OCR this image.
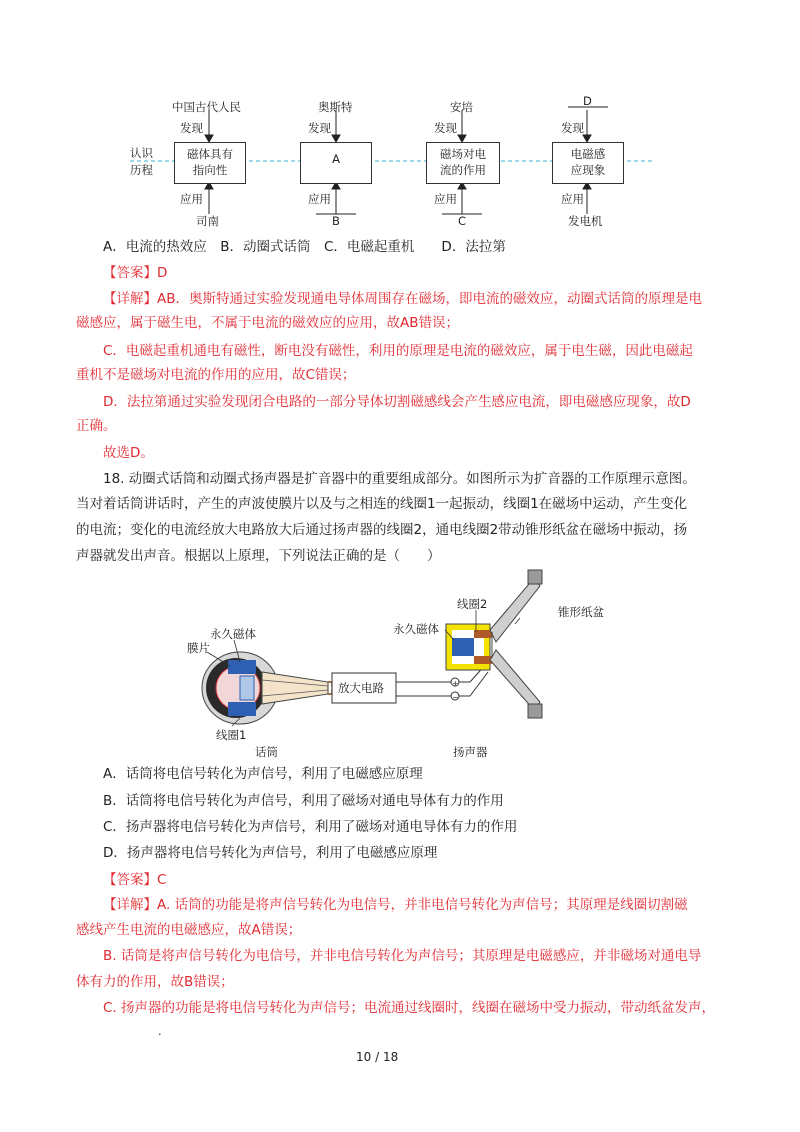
认识
历程
中国古代人民
发现
磁体具有
指向性
应用
司南
奥斯特
发现
A
应用
B
安培
发现
磁场对电
流的作用
应用
C
D
发现
电磁感
应现象
应用
发电机
A．电流的热效应　B．动圈式话筒　C．电磁起重机　　D．法拉第
【答案】D
【详解】AB．奥斯特通过实验发现通电导体周围存在磁场，即电流的磁效应，动圈式话筒的原理是电
磁感应，属于磁生电，不属于电流的磁效应的应用，故AB错误；
C．电磁起重机通电有磁性，断电没有磁性，利用的原理是电流的磁效应，属于电生磁，因此电磁起
重机不是磁场对电流的作用的应用，故C错误；
D．法拉第通过实验发现闭合电路的一部分导体切割磁感线会产生感应电流，即电磁感应现象，故D
正确。
故选D。
18. 动圈式话筒和动圈式扬声器是扩音器中的重要组成部分。如图所示为扩音器的工作原理示意图。
当对着话筒讲话时，产生的声波使膜片以及与之相连的线圈1一起振动，线圈1在磁场中运动，产生变化
的电流；变化的电流经放大电路放大后通过扬声器的线圈2，通电线圈2带动锥形纸盆在磁场中振动，扬
声器就发出声音。根据以上原理，下列说法正确的是（　　）
+
−
膜片
永久磁体
线圈1
话筒
放大电路
线圈2
永久磁体
锥形纸盆
扬声器
A．话筒将电信号转化为声信号，利用了电磁感应原理
B．话筒将电信号转化为声信号，利用了磁场对通电导体有力的作用
C．扬声器将电信号转化为声信号，利用了磁场对通电导体有力的作用
D．扬声器将电信号转化为声信号，利用了电磁感应原理
【答案】C
【详解】A. 话筒的功能是将声信号转化为电信号，并非电信号转化为声信号；其原理是线圈切割磁
感线产生电流的电磁感应，故A错误；
B. 话筒是将声信号转化为电信号，并非电信号转化为声信号；其原理是电磁感应，并非磁场对通电导
体有力的作用，故B错误；
C. 扬声器的功能是将电信号转化为声信号；电流通过线圈时，线圈在磁场中受力振动，带动纸盆发声，
.
10 / 18
